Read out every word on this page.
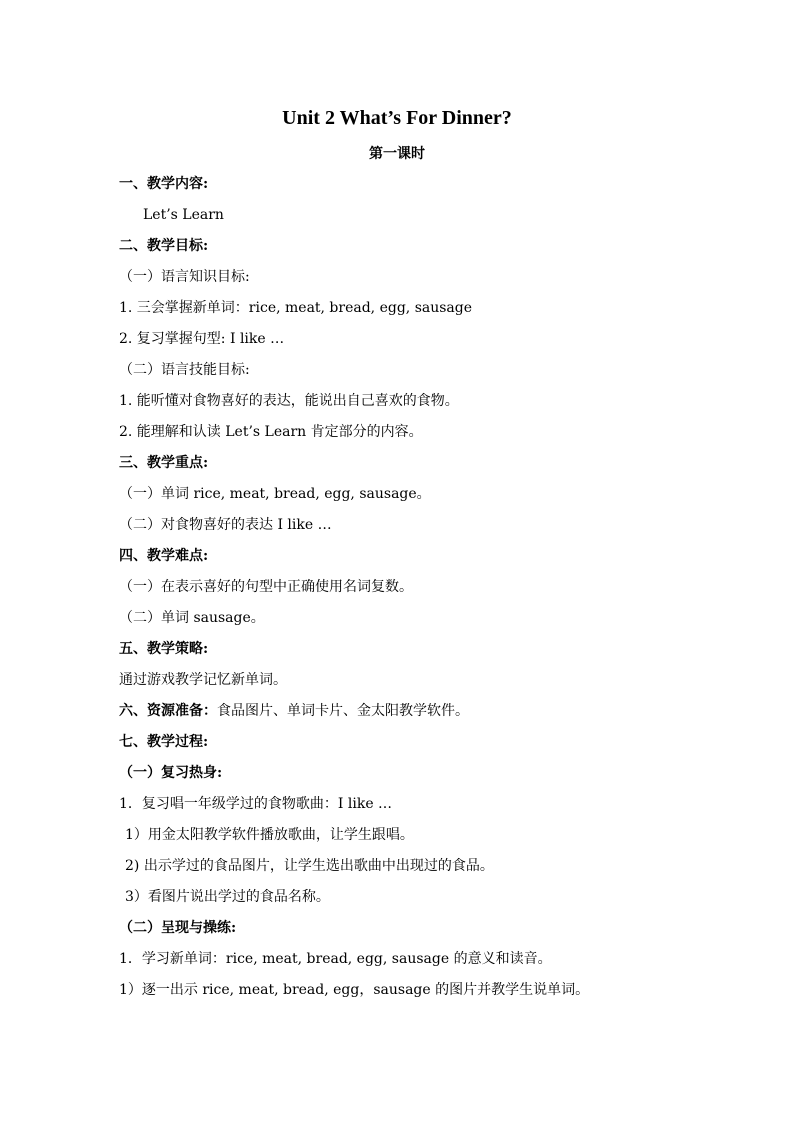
Unit 2 What’s For Dinner?
第一课时
一、教学内容:
Let’s Learn
二、教学目标:
（一）语言知识目标:
1. 三会掌握新单词：rice, meat, bread, egg, sausage
2. 复习掌握句型: I like …
（二）语言技能目标:
1. 能听懂对食物喜好的表达，能说出自己喜欢的食物。
2. 能理解和认读 Let’s Learn 肯定部分的内容。
三、教学重点:
（一）单词 rice, meat, bread, egg, sausage。
（二）对食物喜好的表达 I like …
四、教学难点:
（一）在表示喜好的句型中正确使用名词复数。
（二）单词 sausage。
五、教学策略:
通过游戏教学记忆新单词。
六、资源准备：食品图片、单词卡片、金太阳教学软件。
七、教学过程:
（一）复习热身:
1．复习唱一年级学过的食物歌曲：I like …
1）用金太阳教学软件播放歌曲，让学生跟唱。
2) 出示学过的食品图片，让学生选出歌曲中出现过的食品。
3）看图片说出学过的食品名称。
（二）呈现与操练:
1．学习新单词：rice, meat, bread, egg, sausage 的意义和读音。
1）逐一出示 rice, meat, bread, egg，sausage 的图片并教学生说单词。
